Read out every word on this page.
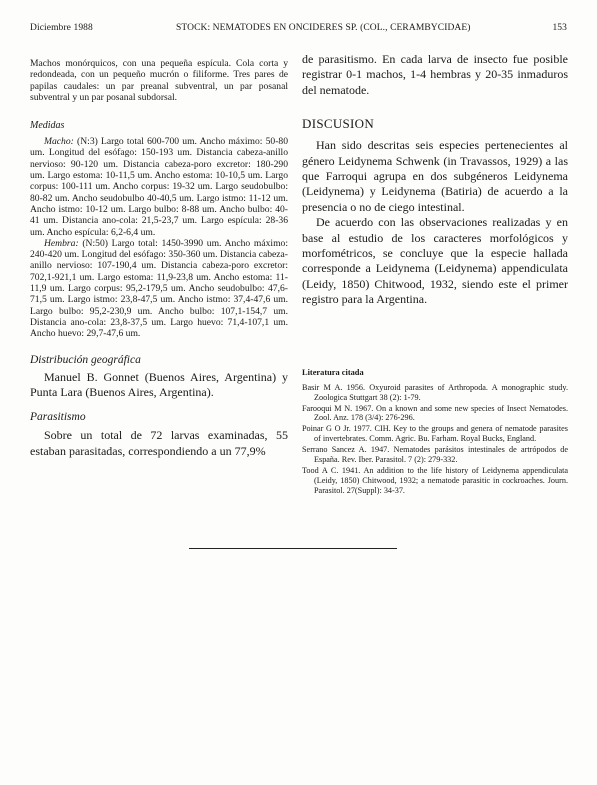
Diciembre 1988	STOCK: NEMATODES EN ONCIDERES SP. (COL., CERAMBYCIDAE)	153

Machos monórquicos, con una pequeña espícula. Cola corta y redondeada, con un pequeño mucrón o filiforme. Tres pares de papilas caudales: un par preanal subventral, un par posanal subventral y un par posanal subdorsal.

Medidas

Macho: (N:3) Largo total 600-700 um. Ancho máximo: 50-80 um. Longitud del esófago: 150-193 um. Distancia cabeza-anillo nervioso: 90-120 um. Distancia cabeza-poro excretor: 180-290 um. Largo estoma: 10-11,5 um. Ancho estoma: 10-10,5 um. Largo corpus: 100-111 um. Ancho corpus: 19-32 um. Largo seudobulbo: 80-82 um. Ancho seudobulbo 40-40,5 um. Largo istmo: 11-12 um. Ancho istmo: 10-12 um. Largo bulbo: 8-88 um. Ancho bulbo: 40-41 um. Distancia ano-cola: 21,5-23,7 um. Largo espícula: 28-36 um. Ancho espícula: 6,2-6,4 um.

Hembra: (N:50) Largo total: 1450-3990 um. Ancho máximo: 240-420 um. Longitud del esófago: 350-360 um. Distancia cabeza-anillo nervioso: 107-190,4 um. Distancia cabeza-poro excretor: 702,1-921,1 um. Largo estoma: 11,9-23,8 um. Ancho estoma: 11-11,9 um. Largo corpus: 95,2-179,5 um. Ancho seudobulbo: 47,6-71,5 um. Largo istmo: 23,8-47,5 um. Ancho istmo: 37,4-47,6 um. Largo bulbo: 95,2-230,9 um. Ancho bulbo: 107,1-154,7 um. Distancia ano-cola: 23,8-37,5 um. Largo huevo: 71,4-107,1 um. Ancho huevo: 29,7-47,6 um.

Distribución geográfica

Manuel B. Gonnet (Buenos Aires, Argentina) y Punta Lara (Buenos Aires, Argentina).

Parasitismo

Sobre un total de 72 larvas examinadas, 55 estaban parasitadas, correspondiendo a un 77,9%

de parasitismo. En cada larva de insecto fue posible registrar 0-1 machos, 1-4 hembras y 20-35 inmaduros del nematode.

DISCUSION

Han sido descritas seis especies pertenecientes al género Leidynema Schwenk (in Travassos, 1929) a las que Farroqui agrupa en dos subgéneros Leidynema (Leidynema) y Leidynema (Batiria) de acuerdo a la presencia o no de ciego intestinal.

De acuerdo con las observaciones realizadas y en base al estudio de los caracteres morfológicos y morfométricos, se concluye que la especie hallada corresponde a Leidynema (Leidynema) appendiculata (Leidy, 1850) Chitwood, 1932, siendo este el primer registro para la Argentina.

Literatura citada

Basir M A. 1956. Oxyuroid parasites of Arthropoda. A monographic study. Zoologica Stuttgart 38 (2): 1-79.

Farooqui M N. 1967. On a known and some new species of Insect Nematodes. Zool. Anz. 178 (3/4): 276-296.

Poinar G O Jr. 1977. CIH. Key to the groups and genera of nematode parasites of invertebrates. Comm. Agric. Bu. Farham. Royal Bucks, England.

Serrano Sancez A. 1947. Nematodes parásitos intestinales de artrópodos de España. Rev. Iber. Parasitol. 7 (2): 279-332.

Tood A C. 1941. An addition to the life history of Leidynema appendiculata (Leidy, 1850) Chitwood, 1932; a nematode parasitic in cockroaches. Journ. Parasitol. 27(Suppl): 34-37.
